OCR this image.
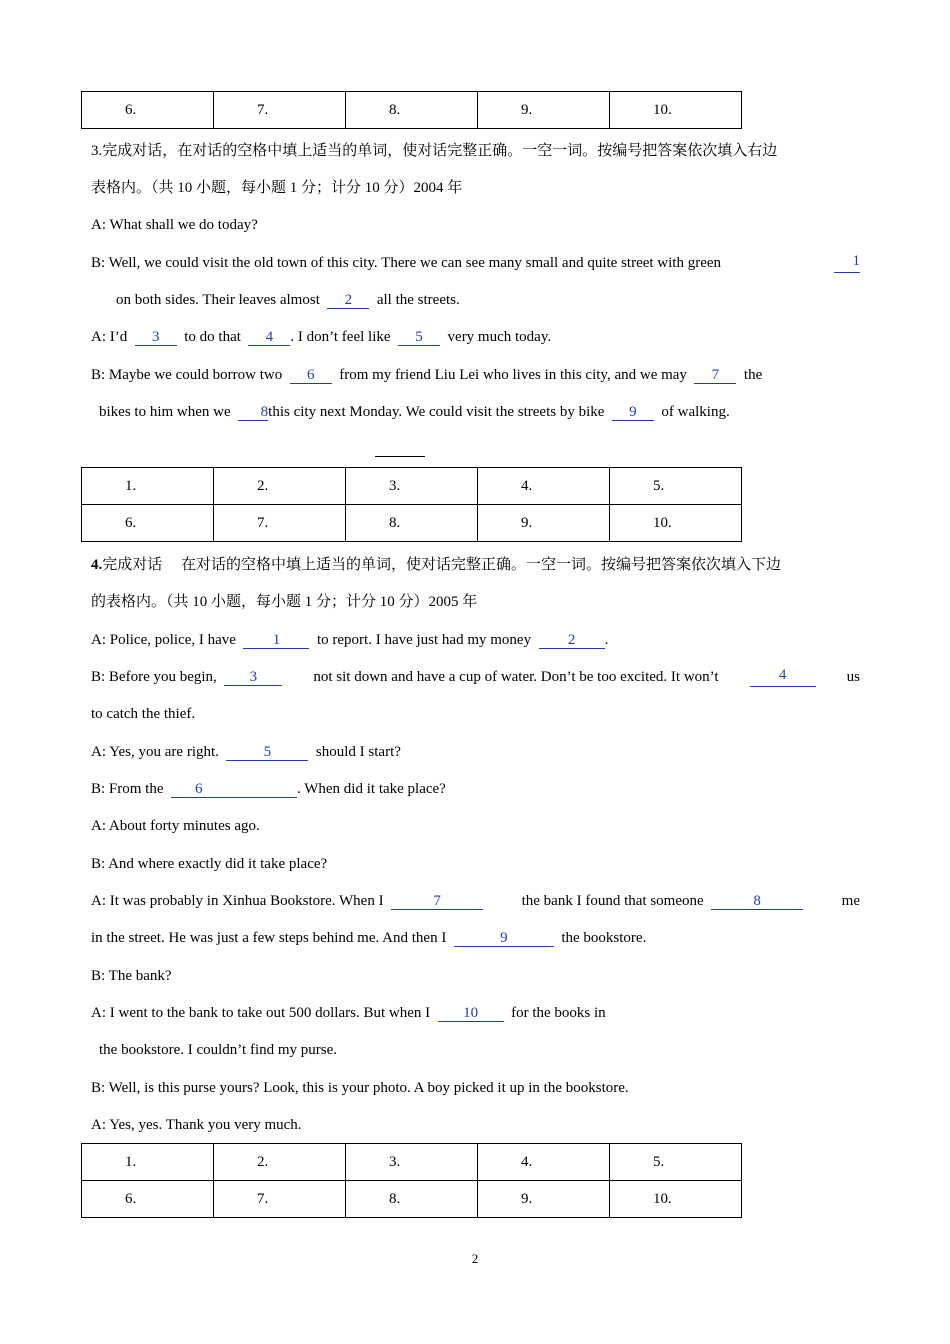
6.	7.	8.	9.	10.
3.完成对话，在对话的空格中填上适当的单词，使对话完整正确。一空一词。按编号把答案依次填入右边
表格内。（共 10 小题，每小题 1 分；计分 10 分）2004 年
A: What shall we do today?
B: Well, we could visit the old town of this city. There we can see many small and quite street with green	1
on both sides. Their leaves almost 2 all the streets.
A: I’d 3 to do that 4 . I don’t feel like 5 very much today.
B: Maybe we could borrow two 6 from my friend Liu Lei who lives in this city, and we may 7 the
bikes to him when we 8this city next Monday. We could visit the streets by bike 9 of walking.
1.	2.	3.	4.	5.
6.	7.	8.	9.	10.
4.完成对话 　在对话的空格中填上适当的单词，使对话完整正确。一空一词。按编号把答案依次填入下边
的表格内。（共 10 小题，每小题 1 分；计分 10 分）2005 年
A: Police, police, I have 1 to report. I have just had my money 2 .
B: Before you begin, 3	not sit down and have a cup of water. Don’t be too excited. It won’t	4	us
to catch the thief.
A: Yes, you are right.	5	should I start?
B: From the 6	. When did it take place?
A: About forty minutes ago.
B: And where exactly did it take place?
A: It was probably in Xinhua Bookstore. When I	7	the bank I found that someone	8	me
in the street. He was just a few steps behind me. And then I	9	the bookstore.
B: The bank?
A: I went to the bank to take out 500 dollars. But when I 10 for the books in
the bookstore. I couldn’t find my purse.
B: Well, is this purse yours? Look, this is your photo. A boy picked it up in the bookstore.
A: Yes, yes. Thank you very much.
1.	2.	3.	4.	5.
6.	7.	8.	9.	10.
2
